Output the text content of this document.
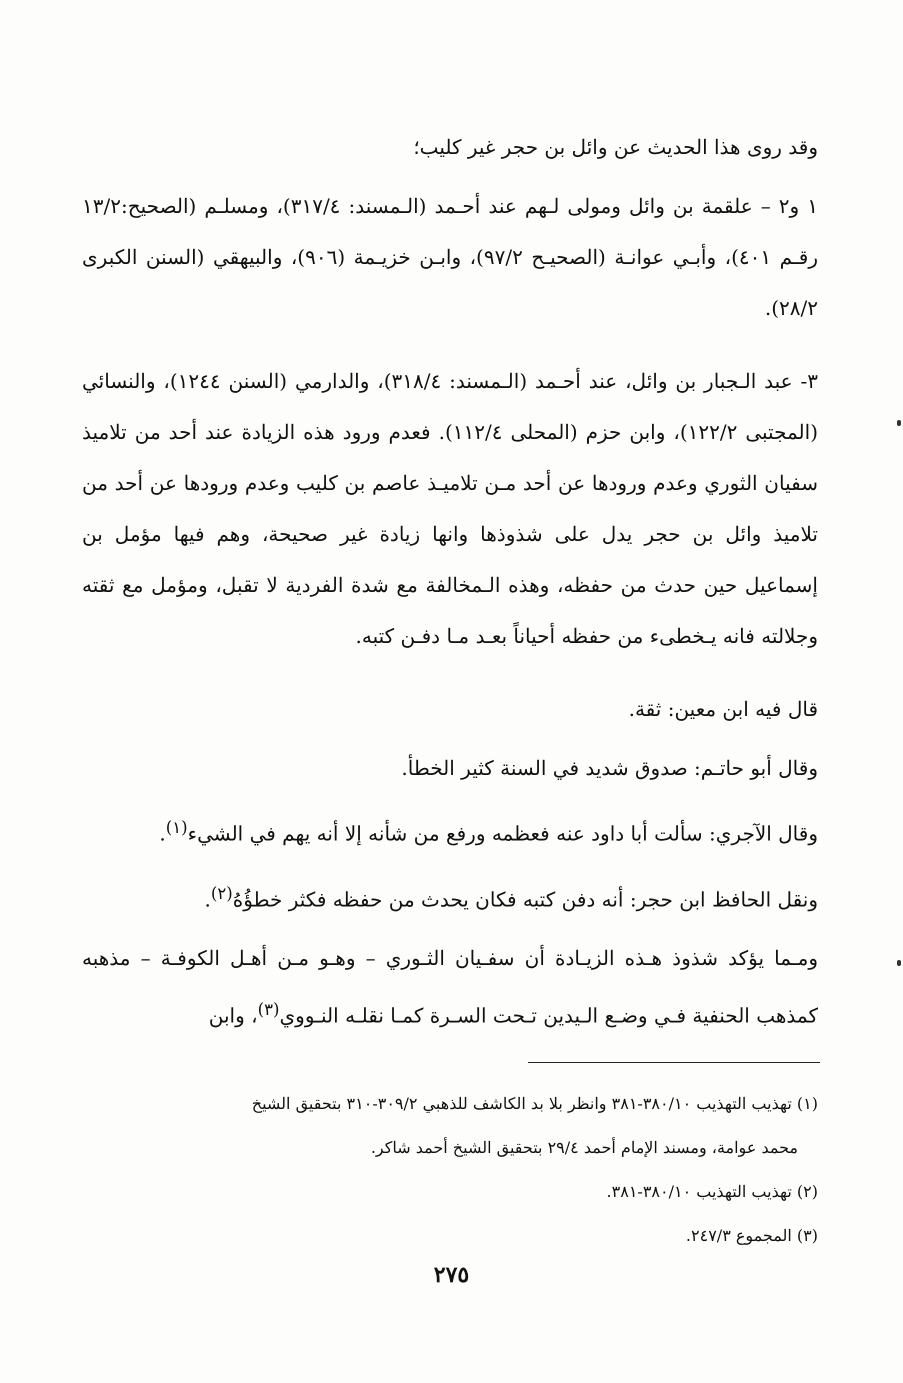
وقد روى هذا الحديث عن وائل بن حجر غير كليب؛

١ و٢ – علقمة بن وائل ومولى لـهم عند أحـمد (الـمسند: ٣١٧/٤)، ومسلـم (الصحيح:١٣/٢ رقـم ٤٠١)، وأبـي عوانـة (الصحيـح ٩٧/٢)، وابـن خزيـمة (٩٠٦)، والبيهقي (السنن الكبرى ٢٨/٢).

٣- عبد الـجبار بن وائل، عند أحـمد (الـمسند: ٣١٨/٤)، والدارمي (السنن ١٢٤٤)، والنسائي (المجتبى ١٢٢/٢)، وابن حزم (المحلى ١١٢/٤). فعدم ورود هذه الزيادة عند أحد من تلاميذ سفيان الثوري وعدم ورودها عن أحد مـن تلاميـذ عاصم بن كليب وعدم ورودها عن أحد من تلاميذ وائل بن حجر يدل على شذوذها وانها زيادة غير صحيحة، وهم فيها مؤمل بن إسماعيل حين حدث من حفظه، وهذه الـمخالفة مع شدة الفردية لا تقبل، ومؤمل مع ثقته وجلالته فانه يـخطىء من حفظه أحياناً بعـد مـا دفـن كتبه.

قال فيه ابن معين: ثقة.

وقال أبو حاتـم: صدوق شديد في السنة كثير الخطأ.

وقال الآجري: سألت أبا داود عنه فعظمه ورفع من شأنه إلا أنه يهم في الشيء$^{(١)}$.

ونقل الحافظ ابن حجر: أنه دفن كتبه فكان يحدث من حفظه فكثر خطؤُهُ$^{(٢)}$.

ومـما يؤكد شذوذ هـذه الزيـادة أن سفـيان الثـوري – وهـو مـن أهـل الكوفـة – مذهبه كمذهب الحنفية فـي وضـع الـيدين تـحت السـرة كمـا نقلـه النـووي$^{(٣)}$، وابن

(١) تهذيب التهذيب ٣٨٠/١٠-٣٨١ وانظر بلا بد الكاشف للذهبي ٣٠٩/٢-٣١٠ بتحقيق الشيخ

محمد عوامة، ومسند الإمام أحمد ٢٩/٤ بتحقيق الشيخ أحمد شاكر.

(٢) تهذيب التهذيب ٣٨٠/١٠-٣٨١.

(٣) المجموع ٢٤٧/٣.

٢٧٥
